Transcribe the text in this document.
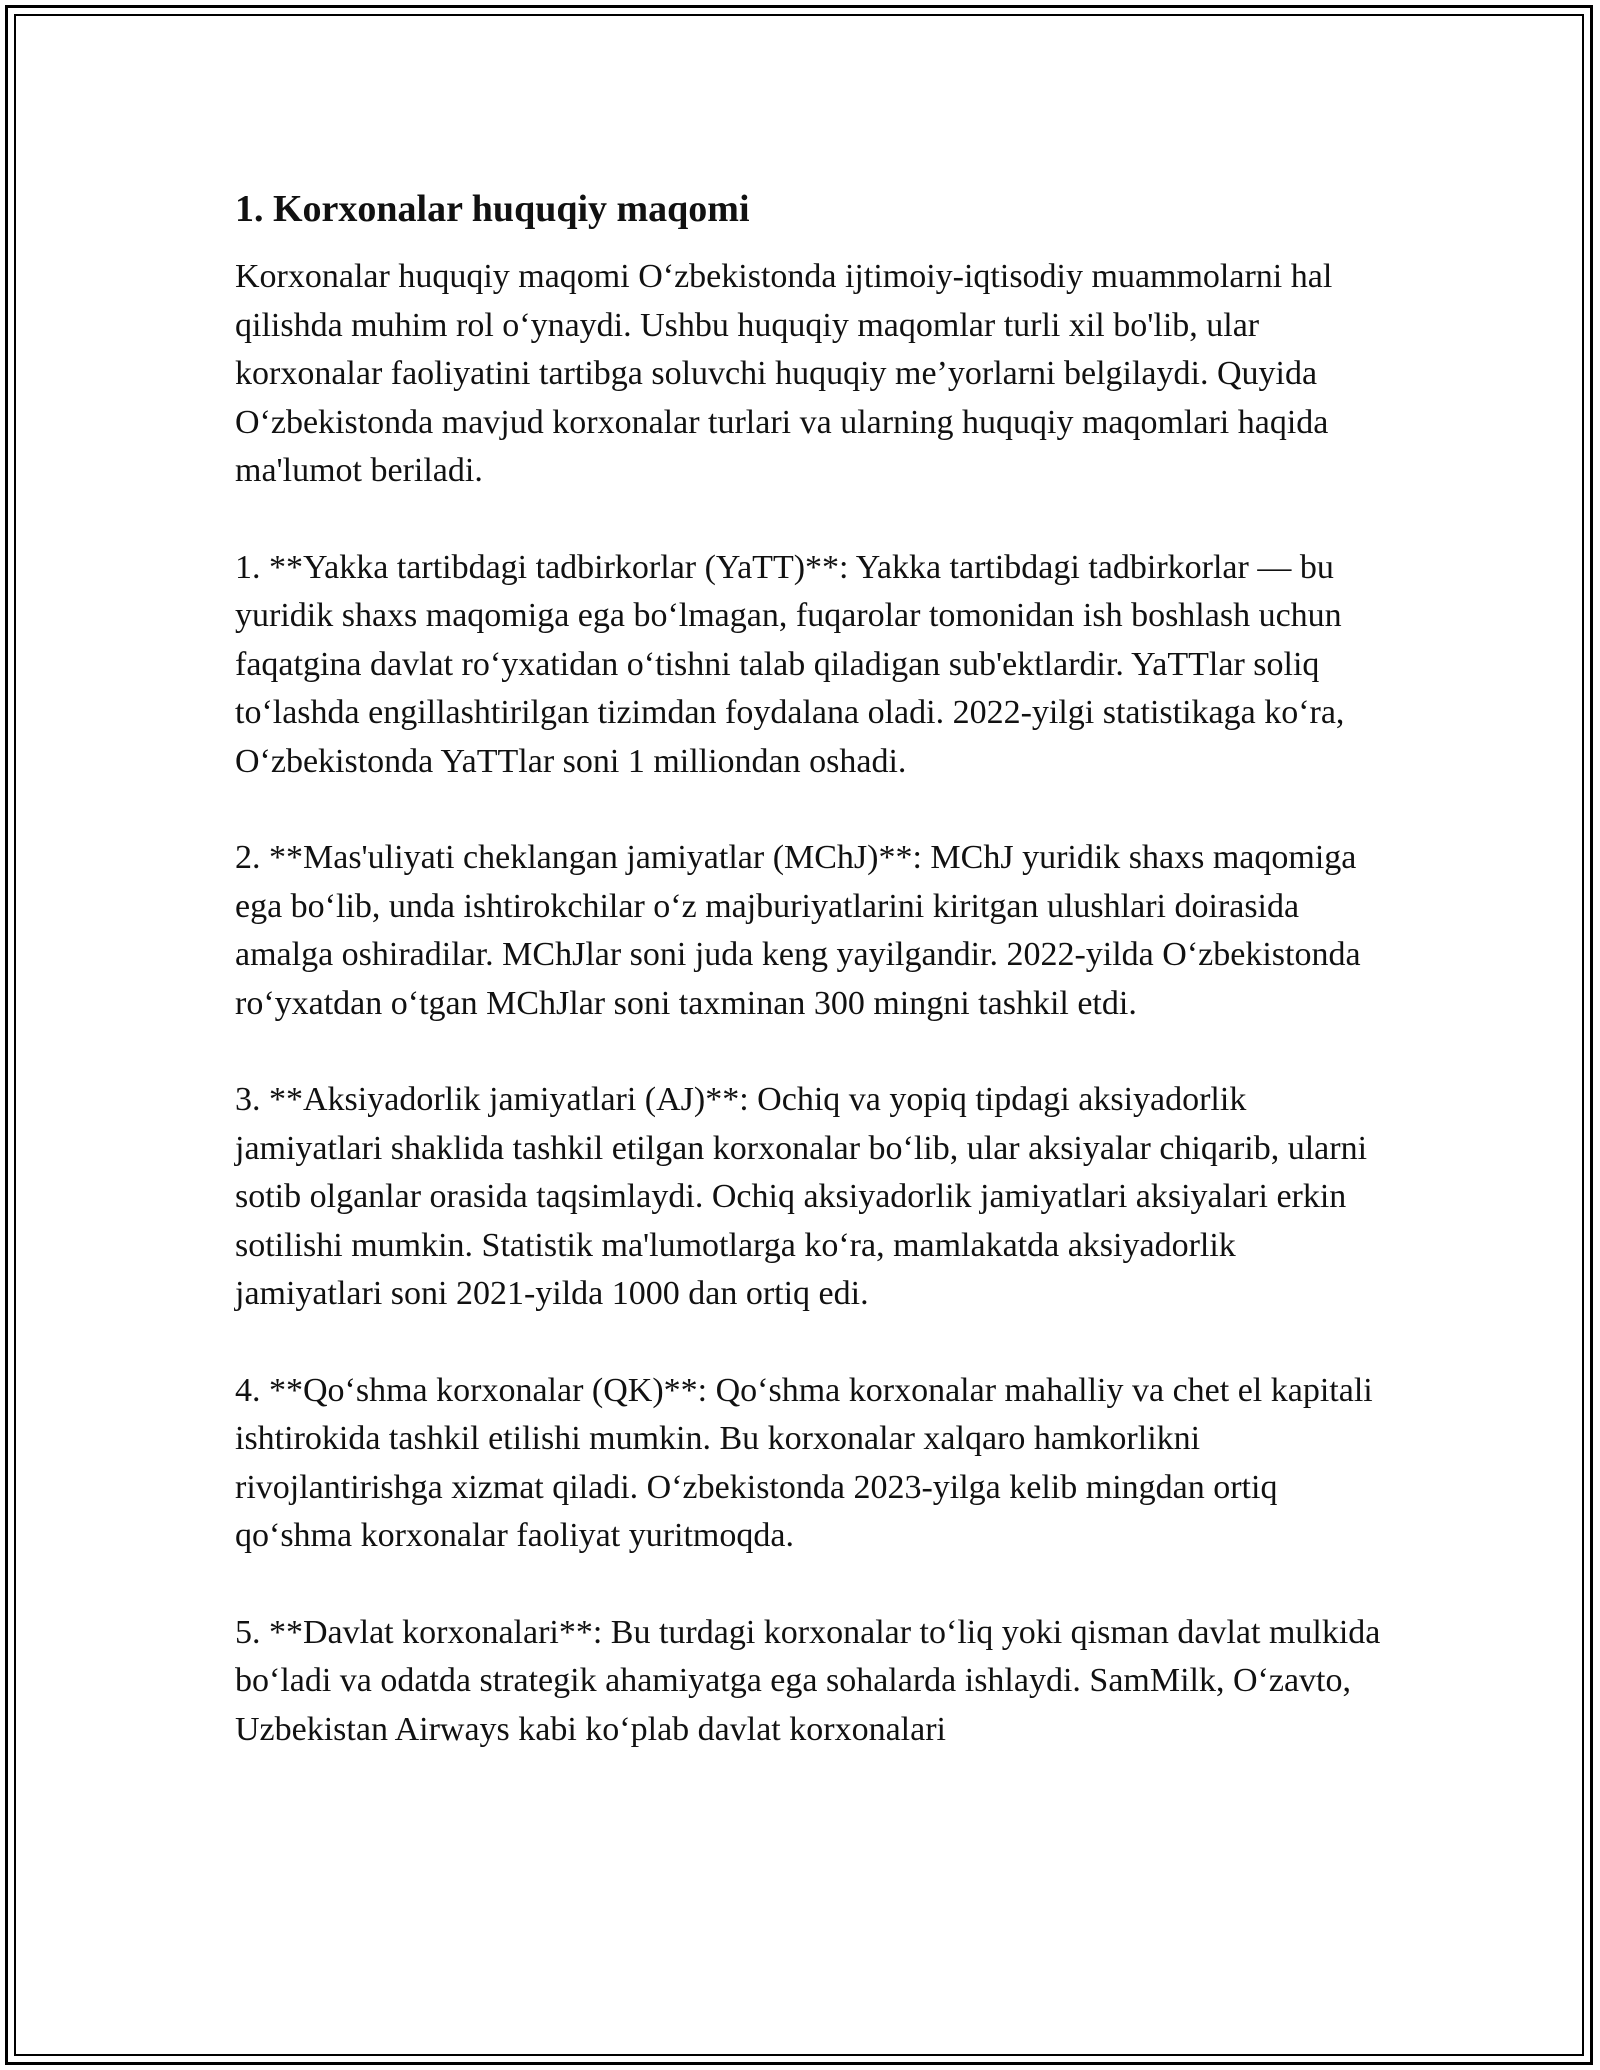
1. Korxonalar huquqiy maqomi

Korxonalar huquqiy maqomi O‘zbekistonda ijtimoiy-iqtisodiy muammolarni hal qilishda muhim rol o‘ynaydi. Ushbu huquqiy maqomlar turli xil bo'lib, ular korxonalar faoliyatini tartibga soluvchi huquqiy me’yorlarni belgilaydi. Quyida O‘zbekistonda mavjud korxonalar turlari va ularning huquqiy maqomlari haqida ma'lumot beriladi.

1. **Yakka tartibdagi tadbirkorlar (YaTT)**: Yakka tartibdagi tadbirkorlar — bu yuridik shaxs maqomiga ega bo‘lmagan, fuqarolar tomonidan ish boshlash uchun faqatgina davlat ro‘yxatidan o‘tishni talab qiladigan sub'ektlardir. YaTTlar soliq to‘lashda engillashtirilgan tizimdan foydalana oladi. 2022-yilgi statistikaga ko‘ra, O‘zbekistonda YaTTlar soni 1 milliondan oshadi.

2. **Mas'uliyati cheklangan jamiyatlar (MChJ)**: MChJ yuridik shaxs maqomiga ega bo‘lib, unda ishtirokchilar o‘z majburiyatlarini kiritgan ulushlari doirasida amalga oshiradilar. MChJlar soni juda keng yayilgandir. 2022-yilda O‘zbekistonda ro‘yxatdan o‘tgan MChJlar soni taxminan 300 mingni tashkil etdi.

3. **Aksiyadorlik jamiyatlari (AJ)**: Ochiq va yopiq tipdagi aksiyadorlik jamiyatlari shaklida tashkil etilgan korxonalar bo‘lib, ular aksiyalar chiqarib, ularni sotib olganlar orasida taqsimlaydi. Ochiq aksiyadorlik jamiyatlari aksiyalari erkin sotilishi mumkin. Statistik ma'lumotlarga ko‘ra, mamlakatda aksiyadorlik jamiyatlari soni 2021-yilda 1000 dan ortiq edi.

4. **Qo‘shma korxonalar (QK)**: Qo‘shma korxonalar mahalliy va chet el kapitali ishtirokida tashkil etilishi mumkin. Bu korxonalar xalqaro hamkorlikni rivojlantirishga xizmat qiladi. O‘zbekistonda 2023-yilga kelib mingdan ortiq qo‘shma korxonalar faoliyat yuritmoqda.

5. **Davlat korxonalari**: Bu turdagi korxonalar to‘liq yoki qisman davlat mulkida bo‘ladi va odatda strategik ahamiyatga ega sohalarda ishlaydi. SamMilk, O‘zavto, Uzbekistan Airways kabi ko‘plab davlat korxonalari
